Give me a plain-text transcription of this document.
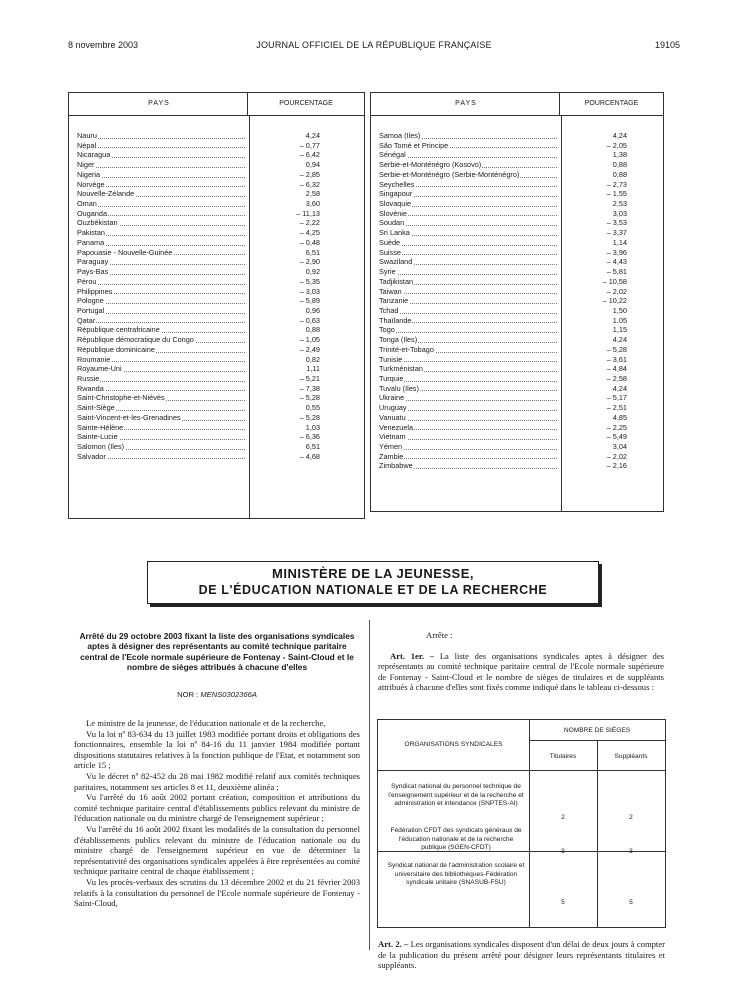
8 novembre 2003	JOURNAL OFFICIEL DE LA RÉPUBLIQUE FRANÇAISE	19105
PAYS	POURCENTAGE
Nauru	4,24
Népal	– 0,77
Nicaragua	– 6,42
Niger	0,94
Nigeria	– 2,85
Norvège	– 6,32
Nouvelle-Zélande	2,58
Oman	3,60
Ouganda	– 11,13
Ouzbékistan	– 2,22
Pakistan	– 4,25
Panama	– 0,48
Papouasie - Nouvelle-Guinée	6,51
Paraguay	– 2,90
Pays-Bas	0,92
Pérou	– 5,35
Philippines	– 3,03
Pologne	– 5,89
Portugal	0,96
Qatar	– 0,63
République centrafricaine	0,88
République démocratique du Congo	– 1,05
République dominicaine	– 2,49
Roumanie	0,82
Royaume-Uni	1,11
Russie	– 5,21
Rwanda	– 7,38
Saint-Christophe-et-Niévès	– 5,28
Saint-Siège	0,55
Saint-Vincent-et-les-Grenadines	– 5,28
Sainte-Hélène	1,03
Sainte-Lucie	– 6,36
Salomon (Iles)	6,51
Salvador	– 4,68
PAYS	POURCENTAGE
Samoa (Iles)	4,24
São Tomé et Principe	– 2,05
Sénégal	1,38
Serbie-et-Monténégro (Kosovo)	0,88
Serbie-et-Monténégro (Serbie-Monténégro)	0,88
Seychelles	– 2,73
Singapour	– 1,55
Slovaquie	2,53
Slovénie	3,03
Soudan	– 3,53
Sri Lanka	– 3,37
Suède	1,14
Suisse	– 3,96
Swaziland	– 4,43
Syrie	– 5,81
Tadjikistan	– 10,58
Taiwan	– 2,02
Tanzanie	– 10,22
Tchad	1,50
Thaïlande	1,05
Togo	1,15
Tonga (Iles)	4,24
Trinité-et-Tobago	– 5,28
Tunisie	– 3,61
Turkménistan	– 4,84
Turquie	– 2,58
Tuvalu (Iles)	4,24
Ukraine	– 5,17
Uruguay	– 2,51
Vanuatu	4,85
Venezuela	– 2,25
Vietnam	– 5,49
Yémen	3,04
Zambie	– 2,02
Zimbabwe	– 2,16
MINISTÈRE DE LA JEUNESSE,
DE L'ÉDUCATION NATIONALE ET DE LA RECHERCHE
Arrêté du 29 octobre 2003 fixant la liste des organisations syndicales aptes à désigner des représentants au comité technique paritaire central de l'Ecole normale supérieure de Fontenay - Saint-Cloud et le nombre de sièges attribués à chacune d'elles
NOR : MENS0302366A

Le ministre de la jeunesse, de l'éducation nationale et de la recherche,

Vu la loi nº 83-634 du 13 juillet 1983 modifiée portant droits et obligations des fonctionnaires, ensemble la loi nº 84-16 du 11 janvier 1984 modifiée portant dispositions statutaires relatives à la fonction publique de l'Etat, et notamment son article 15 ;

Vu le décret nº 82-452 du 28 mai 1982 modifié relatif aux comités techniques paritaires, notamment ses articles 8 et 11, deuxième alinéa ;

Vu l'arrêté du 16 août 2002 portant création, composition et attributions du comité technique paritaire central d'établissements publics relevant du ministre de l'éducation nationale ou du ministre chargé de l'enseignement supérieur ;

Vu l'arrêté du 16 août 2002 fixant les modalités de la consultation du personnel d'établissements publics relevant du ministre de l'éducation nationale ou du ministre chargé de l'enseignement supérieur en vue de déterminer la représentativité des organisations syndicales appelées à être représentées au comité technique paritaire central de chaque établissement ;

Vu les procès-verbaux des scrutins du 13 décembre 2002 et du 21 février 2003 relatifs à la consultation du personnel de l'Ecole normale supérieure de Fontenay - Saint-Cloud,

Arrête :

Art. 1er. – La liste des organisations syndicales aptes à désigner des représentants au comité technique paritaire central de l'Ecole normale supérieure de Fontenay - Saint-Cloud et le nombre de sièges de titulaires et de suppléants attribués à chacune d'elles sont fixés comme indiqué dans le tableau ci-dessous :

ORGANISATIONS SYNDICALES
NOMBRE DE SIÈGES
Titulaires	Suppléants
Syndicat national du personnel technique de l'enseignement supérieur et de la recherche et administration et intendance (SNPTES-AI)
2	2
Fédération CFDT des syndicats généraux de l'éducation nationale et de la recherche publique (SGEN-CFDT)
3	3
Syndicat national de l'administration scolaire et universitaire des bibliothèques-Fédération syndicale unitaire (SNASUB-FSU)
5	5
Art. 2. – Les organisations syndicales disposent d'un délai de deux jours à compter de la publication du présent arrêté pour désigner leurs représentants titulaires et suppléants.
